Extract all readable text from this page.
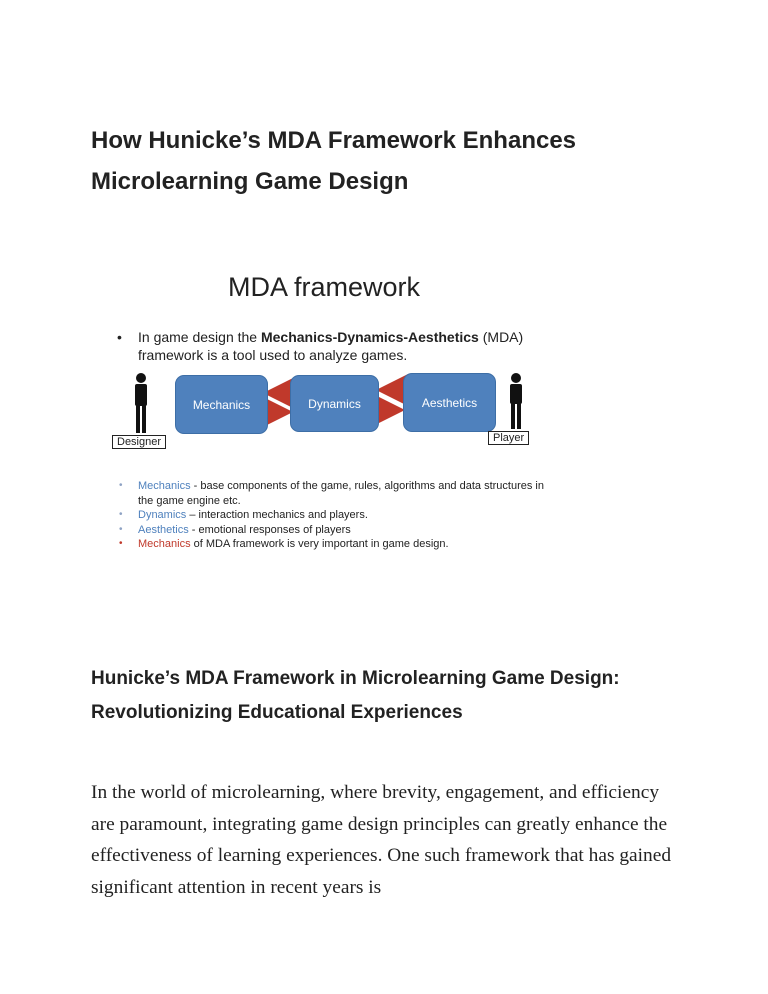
How Hunicke’s MDA Framework Enhances Microlearning Game Design
MDA framework
• In game design the Mechanics-Dynamics-Aesthetics (MDA) framework is a tool used to analyze games.
Mechanics	Dynamics	Aesthetics
Designer	Player
• Mechanics - base components of the game, rules, algorithms and data structures in the game engine etc.
• Dynamics – interaction mechanics and players.
• Aesthetics - emotional responses of players
• Mechanics of MDA framework is very important in game design.
Hunicke’s MDA Framework in Microlearning Game Design: Revolutionizing Educational Experiences

In the world of microlearning, where brevity, engagement, and efficiency are paramount, integrating game design principles can greatly enhance the effectiveness of learning experiences. One such framework that has gained significant attention in recent years is
